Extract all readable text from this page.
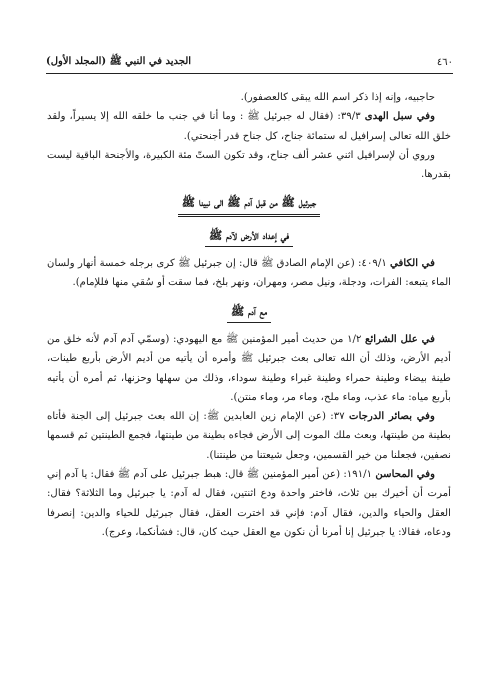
٤٦٠
الجديد في النبي ﷺ (المجلد الأول)

حاجبيه، وإنه إذا ذكر اسم الله يبقى كالعصفور).

وفي سبل الهدى ٣٩/٣: (فقال له جبرئيل ﷺ : وما أنا في جنب ما خلقه الله إلا يسيراً، ولقد خلق الله تعالى إسرافيل له ستمائة جناح، كل جناح قدر أجنحتي).

وروي أن لإسرافيل اثني عشر ألف جناح، وقد تكون الستّ مئة الكبيرة، والأجنحة الباقية ليست بقدرها.

جبرئيل ﷺ من قبل آدم ﷺ الى نبينا ﷺ
في إعداد الأرض لآدم ﷺ

في الكافي ٤٠٩/١: (عن الإمام الصادق ﷺ قال: إن جبرئيل ﷺ كرى برجله خمسة أنهار ولسان الماء يتبعه: الفرات، ودجلة، ونيل مصر، ومهران، ونهر بلخ، فما سقت أو سُقي منها فللإمام).

مع آدم ﷺ

في علل الشرائع ١/٢ من حديث أمير المؤمنين ﷺ مع اليهودي: (وسمّي آدم آدم لأنه خلق من أديم الأرض، وذلك أن الله تعالى بعث جبرئيل ﷺ وأمره أن يأتيه من أديم الأرض بأربع طينات، طينة بيضاء وطينة حمراء وطينة غبراء وطينة سوداء، وذلك من سهلها وحزنها، ثم أمره أن يأتيه بأربع مياه: ماء عذب، وماء ملح، وماء مر، وماء منتن).

وفي بصائر الدرجات ٣٧: (عن الإمام زين العابدين ﷺ: إن الله بعث جبرئيل إلى الجنة فأتاه بطينة من طينتها، وبعث ملك الموت إلى الأرض فجاءه بطينة من طينتها، فجمع الطينتين ثم قسمها نصفين، فجعلنا من خير القسمين، وجعل شيعتنا من طينتنا).

وفي المحاسن ١٩١/١: (عن أمير المؤمنين ﷺ قال: هبط جبرئيل على آدم ﷺ فقال: يا آدم إني أمرت أن أخيرك بين ثلاث، فاختر واحدة ودع اثنتين، فقال له آدم: يا جبرئيل وما الثلاثة؟ فقال: العقل والحياء والدين، فقال آدم: فإني قد اخترت العقل، فقال جبرئيل للحياء والدين: إنصرفا ودعاه، فقالا: يا جبرئيل إنا أمرنا أن نكون مع العقل حيث كان، قال: فشأنكما، وعرج).
